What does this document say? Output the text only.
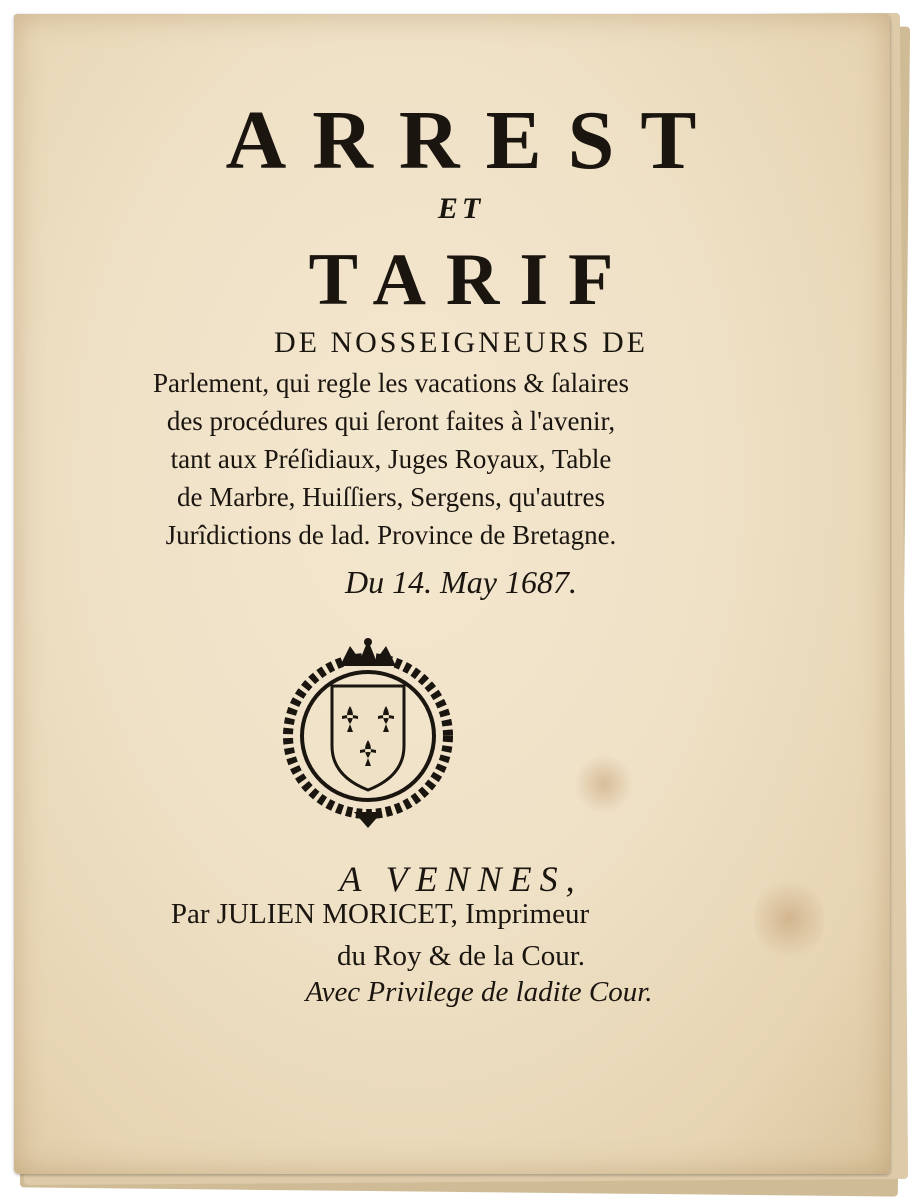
ARREST
ET
TARIF
DE NOSSEIGNEURS DE
Parlement, qui regle les vacations & ſalaires
des procédures qui ſeront faites à l'avenir,
tant aux Préſidiaux, Juges Royaux, Table
de Marbre, Huiſſiers, Sergens, qu'autres
Jurîdictions de lad. Province de Bretagne.
Du 14. May 1687.
A VENNES,
Par JULIEN MORICET, Imprimeur
du Roy & de la Cour.
Avec Privilege de ladite Cour.
